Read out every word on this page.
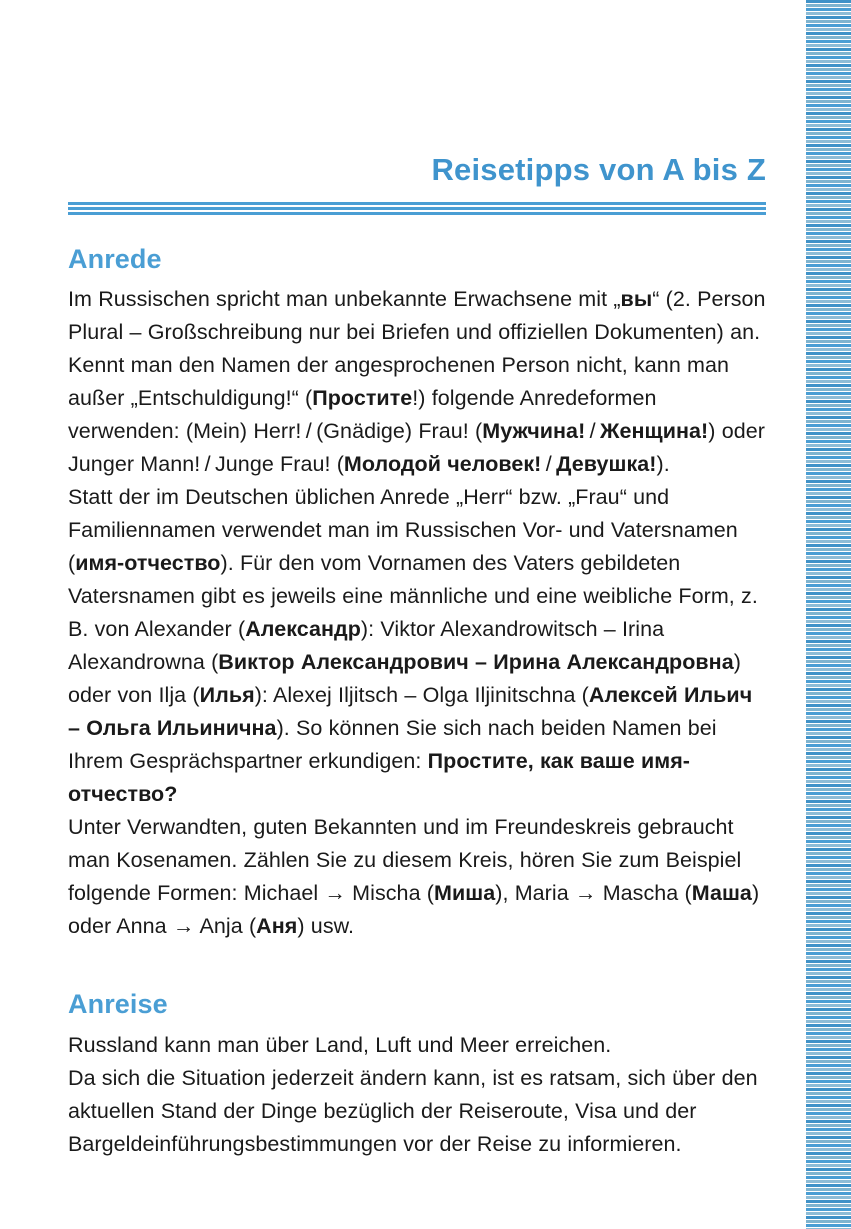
Reisetipps von A bis Z
Anrede

Im Russischen spricht man unbekannte Erwachsene mit „вы“ (2. Person Plural – Großschreibung nur bei Briefen und offiziellen Dokumenten) an. Kennt man den Namen der angesprochenen Person nicht, kann man außer „Entschuldigung!“ (Простите!) folgende Anredeformen verwenden: (Mein) Herr! / (Gnädige) Frau! (Мужчина! / Женщина!) oder Junger Mann! / Junge Frau! (Молодой человек! / Девушка!).

Statt der im Deutschen üblichen Anrede „Herr“ bzw. „Frau“ und Familiennamen verwendet man im Russischen Vor- und Vatersnamen (имя-отчество). Für den vom Vornamen des Vaters gebildeten Vatersnamen gibt es jeweils eine männliche und eine weibliche Form, z. B. von Alexander (Александр): Viktor Alexandrowitsch – Irina Alexandrowna (Виктор Александрович – Ирина Александровна) oder von Ilja (Илья): Alexej Iljitsch – Olga Iljinitschna (Алексей Ильич – Ольга Ильинична). So können Sie sich nach beiden Namen bei Ihrem Gesprächspartner erkundigen: Простите, как ваше имя-отчество?

Unter Verwandten, guten Bekannten und im Freundeskreis gebraucht man Kosenamen. Zählen Sie zu diesem Kreis, hören Sie zum Beispiel folgende Formen: Michael → Mischa (Миша), Maria → Mascha (Маша) oder Anna → Anja (Аня) usw.

Anreise

Russland kann man über Land, Luft und Meer erreichen.

Da sich die Situation jederzeit ändern kann, ist es ratsam, sich über den aktuellen Stand der Dinge bezüglich der Reiseroute, Visa und der Bargeldeinführungsbestimmungen vor der Reise zu informieren.
